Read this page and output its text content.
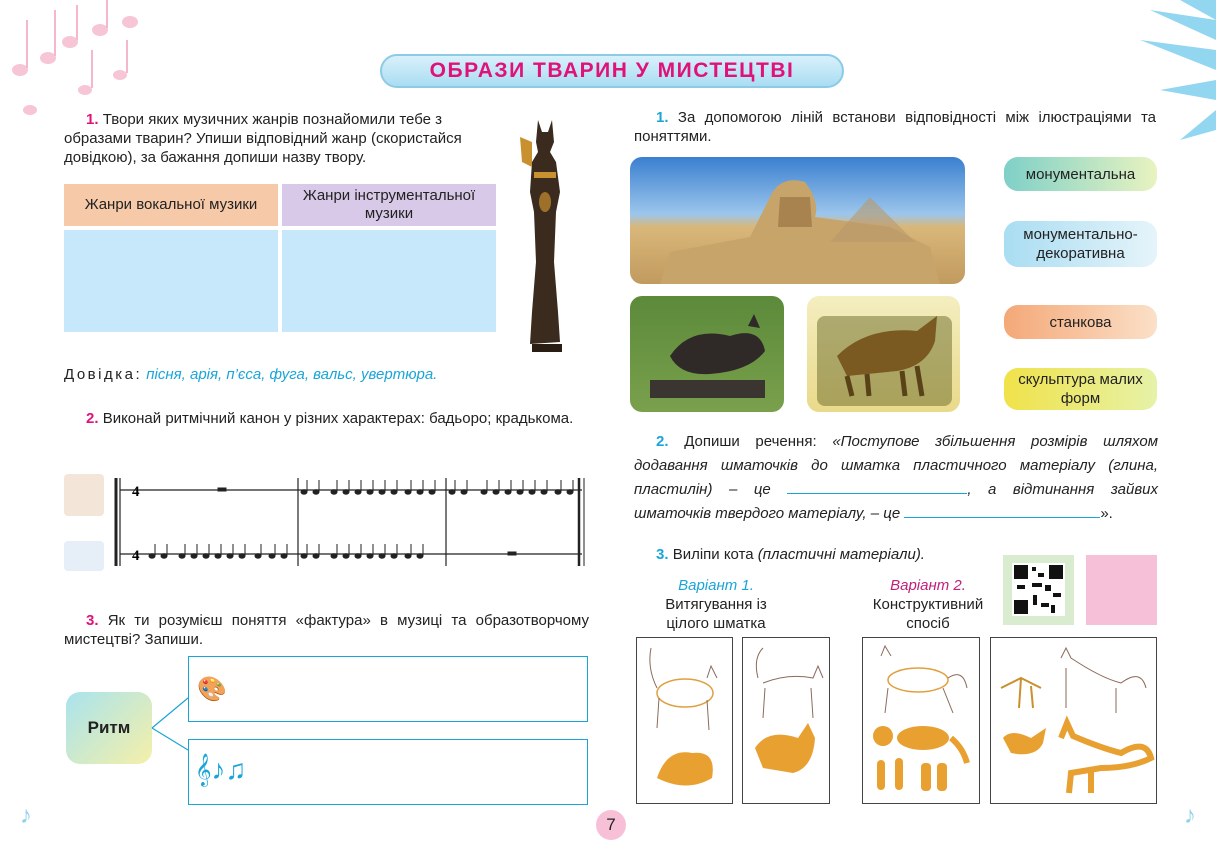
ОБРАЗИ ТВАРИН У МИСТЕЦТВІ
1. Твори яких музичних жанрів познайомили тебе з образами тварин? Упиши відповідний жанр (скористайся довідкою), за бажання допиши назву твору.
Жанри вокальної музики	Жанри інструментальної музики

Довідка: пісня, арія, п’єса, фуга, вальс, увертюра.
2. Виконай ритмічний канон у різних характерах: бадьоро; крадькома.
4
4
3. Як ти розумієш поняття «фактура» в музиці та образотворчому мистецтві? Запиши.
Ритм
🎨
𝄞♪♫
1. За допомогою ліній встанови відповідності між ілюстраціями та поняттями.
монументальна
монументально-декоративна
станкова
скульптура малих форм
2. Допиши речення: «Поступове збільшення розмірів шляхом додавання шматочків до шматка пластичного матеріалу (глина, пластилін) – це	, а відтинання зайвих шматочків твердого матеріалу, – це	».
3. Виліпи кота (пластичні матеріали).
Варіант 1.
Витягування із цілого шматка
Варіант 2.
Конструктивний спосіб
7
♪	♪
